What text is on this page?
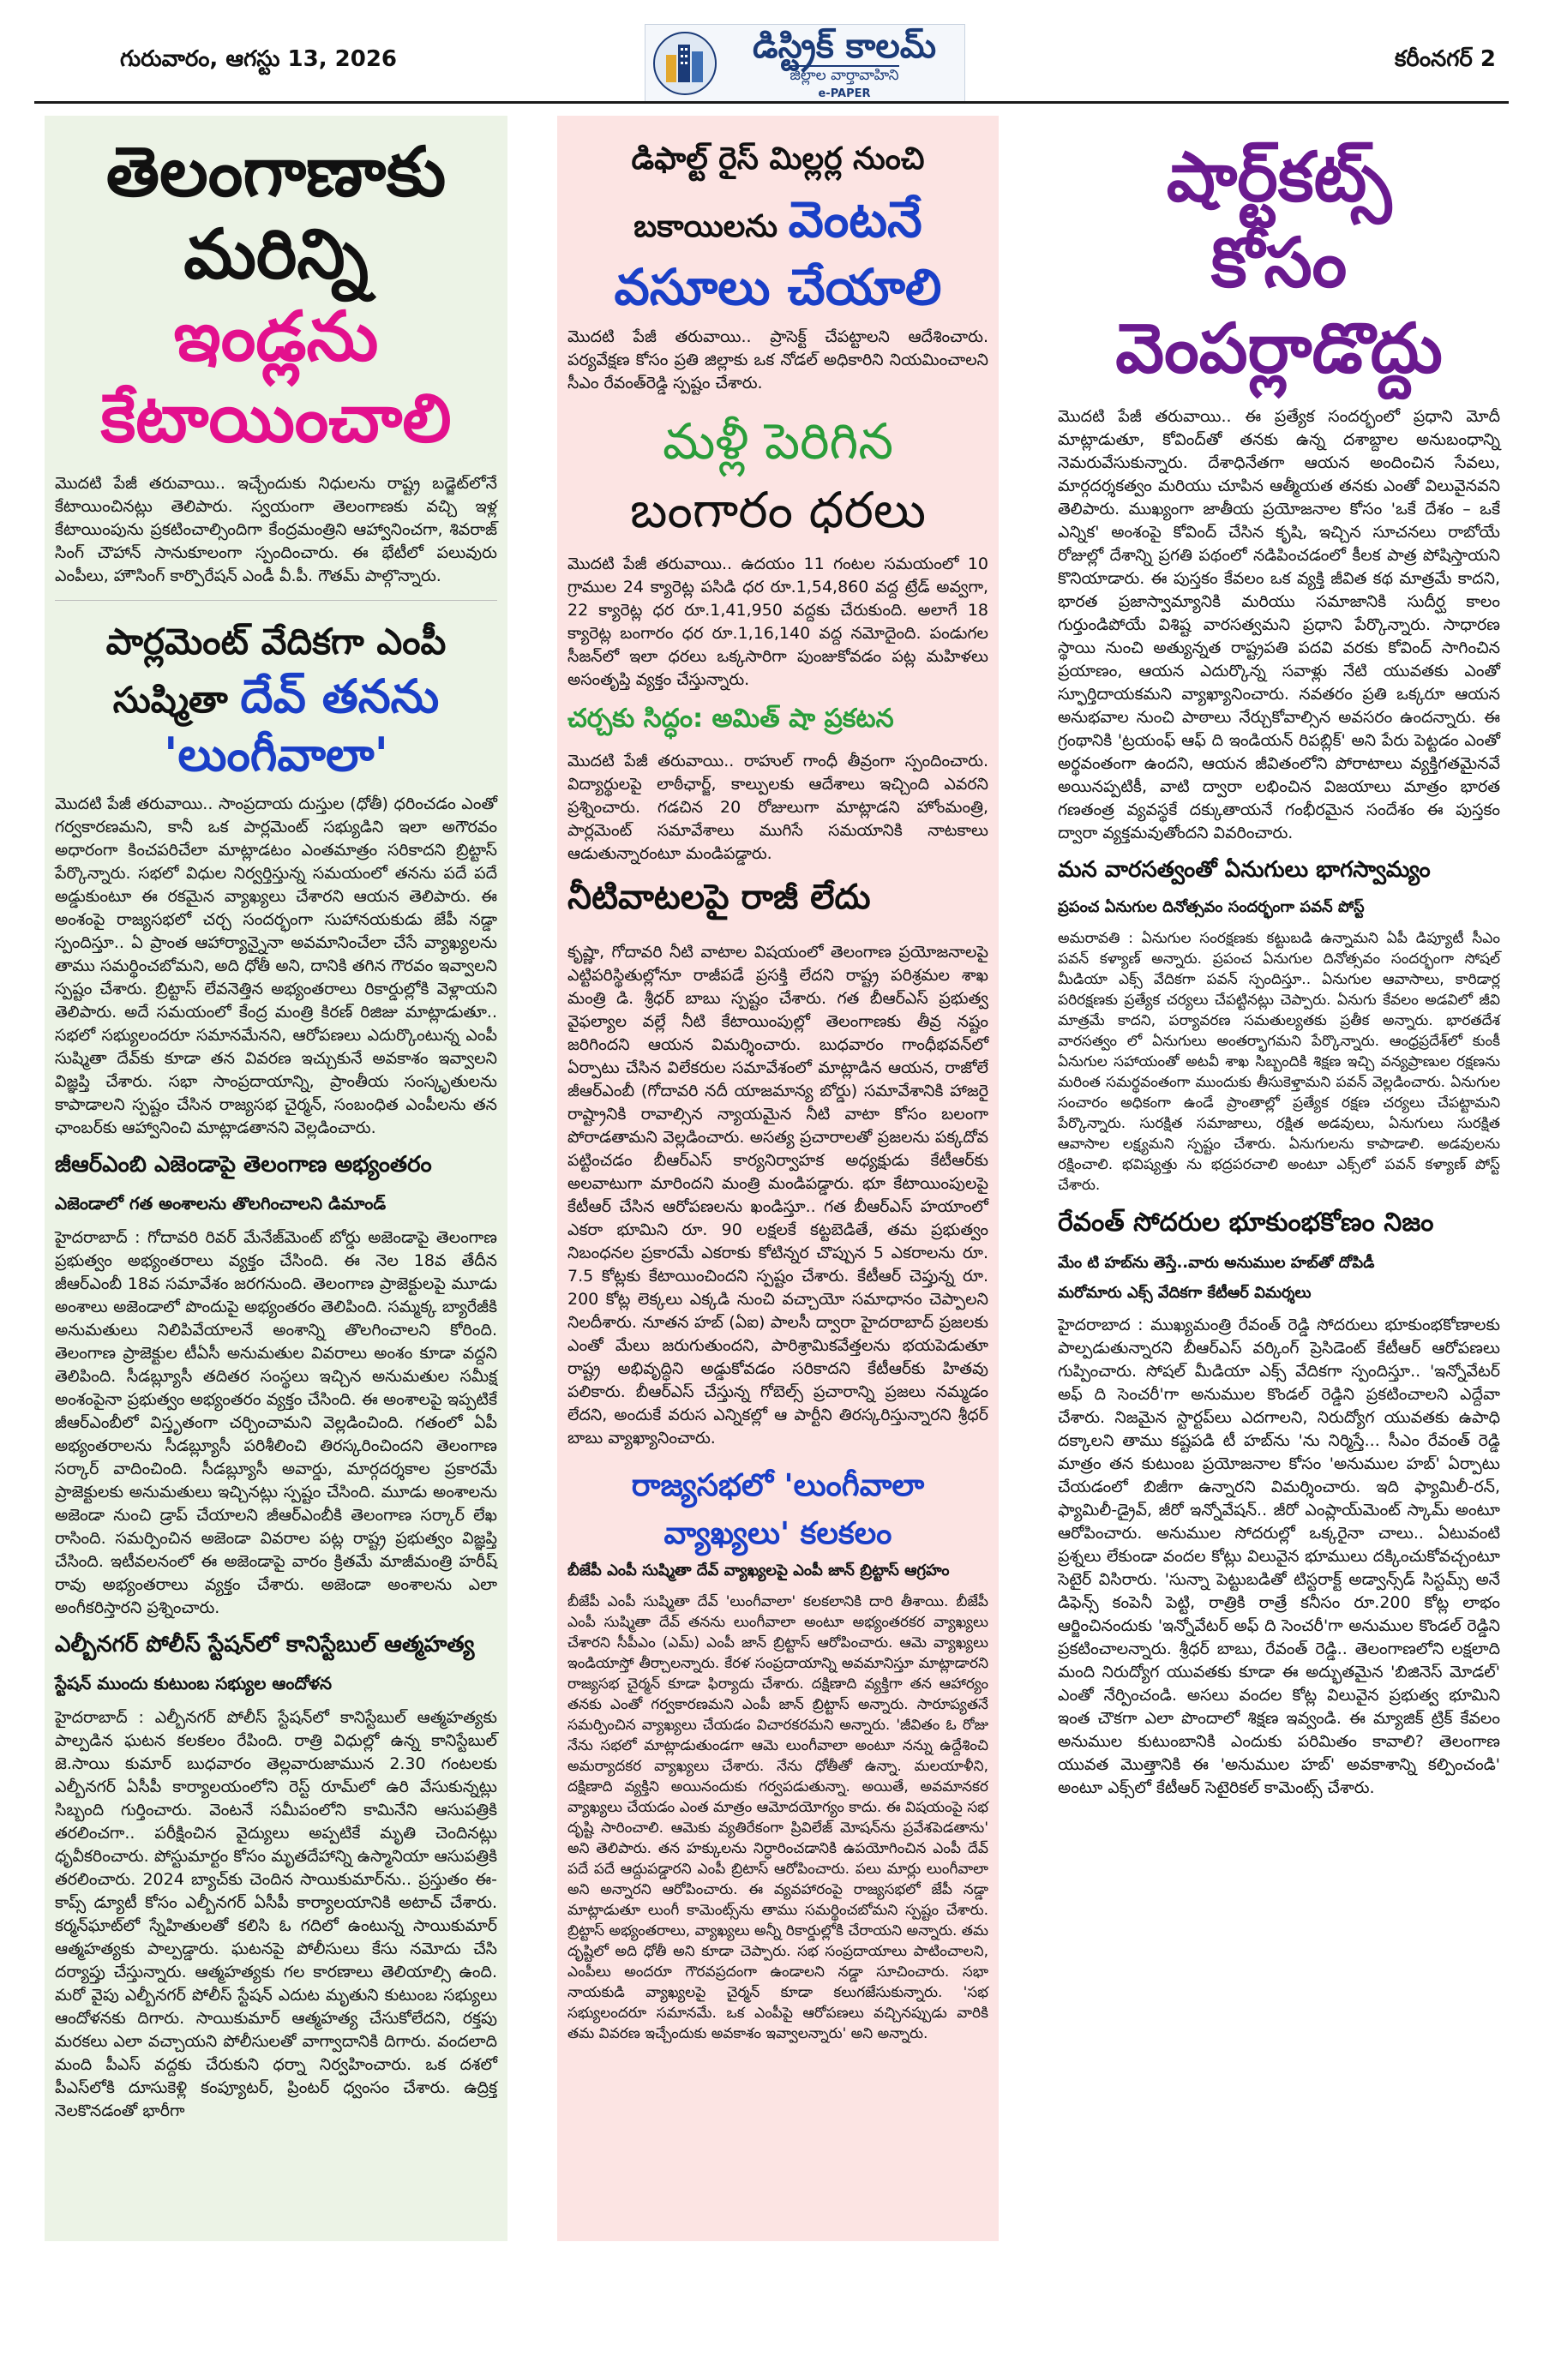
గురువారం, ఆగస్టు 13, 2026	డిస్ట్రిక్ కాలమ్
జిల్లాల వార్తావాహిని
e-PAPER
కరీంనగర్ 2
తెలంగాణాకు
మరిన్ని
ఇండ్లను
కేటాయించాలి

మొదటి పేజీ తరువాయి.. ఇచ్చేందుకు నిధులను రాష్ట్ర బడ్జెట్‌లోనే కేటాయించినట్లు తెలిపారు. స్వయంగా తెలంగాణకు వచ్చి ఇళ్ల కేటాయింపును ప్రకటించాల్సిందిగా కేంద్రమంత్రిని ఆహ్వానించగా, శివరాజ్ సింగ్ చౌహాన్ సానుకూలంగా స్పందించారు. ఈ భేటీలో పలువురు ఎంపీలు, హౌసింగ్ కార్పొరేషన్ ఎండీ వీ.పీ. గౌతమ్ పాల్గొన్నారు.

పార్లమెంట్ వేదికగా ఎంపీ
సుష్మితా దేవ్ తనను
'లుంగీవాలా'

మొదటి పేజీ తరువాయి.. సాంప్రదాయ దుస్తుల (ధోతీ) ధరించడం ఎంతో గర్వకారణమని, కానీ ఒక పార్లమెంట్ సభ్యుడిని ఇలా అగౌరవం అధారంగా కించపరిచేలా మాట్లాడటం ఎంతమాత్రం సరికాదని బ్రిట్టాస్ పేర్కొన్నారు. సభలో విధుల నిర్వర్తిస్తున్న సమయంలో తనను పదే పదే అడ్డుకుంటూ ఈ రకమైన వ్యాఖ్యలు చేశారని ఆయన తెలిపారు. ఈ అంశంపై రాజ్యసభలో చర్చ సందర్భంగా సుహానయకుడు జేపీ నడ్డా స్పందిస్తూ.. ఏ ప్రాంత ఆహార్యాన్నైనా అవమానించేలా చేసే వ్యాఖ్యలను తాము సమర్థించబోమని, అది ధోతీ అని, దానికి తగిన గౌరవం ఇవ్వాలని స్పష్టం చేశారు. బ్రిట్టాస్ లేవనెత్తిన అభ్యంతరాలు రికార్డుల్లోకి వెళ్లాయని తెలిపారు. అదే సమయంలో కేంద్ర మంత్రి కిరణ్ రిజిజు మాట్లాడుతూ.. సభలో సభ్యులందరూ సమానమేనని, ఆరోపణలు ఎదుర్కొంటున్న ఎంపీ సుష్మితా దేవ్‌కు కూడా తన వివరణ ఇచ్చుకునే అవకాశం ఇవ్వాలని విజ్ఞప్తి చేశారు. సభా సాంప్రదాయాన్ని, ప్రాంతీయ సంస్కృతులను కాపాడాలని స్పష్టం చేసిన రాజ్యసభ చైర్మన్, సంబంధిత ఎంపీలను తన ఛాంబర్‌కు ఆహ్వానించి మాట్లాడతానని వెల్లడించారు.

జీఆర్‌ఎంబి ఎజెండాపై తెలంగాణ అభ్యంతరం
ఎజెండాలో గత అంశాలను తొలగించాలని డిమాండ్

హైదరాబాద్ : గోదావరి రివర్ మేనేజ్‌మెంట్ బోర్డు అజెండాపై తెలంగాణ ప్రభుత్వం అభ్యంతరాలు వ్యక్తం చేసింది. ఈ నెల 18వ తేదీన జీఆర్ఎంబీ 18వ సమావేశం జరగనుంది. తెలంగాణ ప్రాజెక్టులపై మూడు అంశాలు అజెండాలో పొందుపై అభ్యంతరం తెలిపింది. సమ్మక్క బ్యారేజీకి అనుమతులు నిలిపివేయాలనే అంశాన్ని తొలగించాలని కోరింది. తెలంగాణ ప్రాజెక్టుల టీఏసీ అనుమతుల వివరాలు అంశం కూడా వద్దని తెలిపింది. సీడబ్ల్యూసీ తదితర సంస్థలు ఇచ్చిన అనుమతుల సమీక్ష అంశంపైనా ప్రభుత్వం అభ్యంతరం వ్యక్తం చేసింది. ఈ అంశాలపై ఇప్పటికే జీఆర్ఎంబీలో విస్తృతంగా చర్చించామని వెల్లడించింది. గతంలో ఏపీ అభ్యంతరాలను సీడబ్ల్యూసీ పరిశీలించి తిరస్కరించిందని తెలంగాణ సర్కార్ వాదించింది. సీడబ్ల్యూసీ అవార్డు, మార్గదర్శకాల ప్రకారమే ప్రాజెక్టులకు అనుమతులు ఇచ్చినట్లు స్పష్టం చేసింది. మూడు అంశాలను అజెండా నుంచి డ్రాప్ చేయాలని జీఆర్ఎంబీకి తెలంగాణ సర్కార్ లేఖ రాసింది. సమర్పించిన అజెండా వివరాల పట్ల రాష్ట్ర ప్రభుత్వం విజ్ఞప్తి చేసింది. ఇటీవలనంలో ఈ అజెండాపై వారం క్రితమే మాజీమంత్రి హరీష్ రావు అభ్యంతరాలు వ్యక్తం చేశారు. అజెండా అంశాలను ఎలా అంగీకరిస్తారని ప్రశ్నించారు.

ఎల్బీనగర్ పోలీస్ స్టేషన్‌లో కానిస్టేబుల్ ఆత్మహత్య
స్టేషన్ ముందు కుటుంబ సభ్యుల ఆందోళన

హైదరాబాద్ : ఎల్బీనగర్ పోలీస్ స్టేషన్‌లో కానిస్టేబుల్ ఆత్మహత్యకు పాల్పడిన ఘటన కలకలం రేపింది. రాత్రి విధుల్లో ఉన్న కానిస్టేబుల్ జె.సాయి కుమార్ బుధవారం తెల్లవారుజామున 2.30 గంటలకు ఎల్బీనగర్ ఏసీపీ కార్యాలయంలోని రెస్ట్ రూమ్‌లో ఉరి వేసుకున్నట్లు సిబ్బంది గుర్తించారు. వెంటనే సమీపంలోని కామినేని ఆసుపత్రికి తరలించగా.. పరీక్షించిన వైద్యులు అప్పటికే మృతి చెందినట్లు ధృవీకరించారు. పోస్టుమార్టం కోసం మృతదేహాన్ని ఉస్మానియా ఆసుపత్రికి తరలించారు. 2024 బ్యాచ్‌కు చెందిన సాయికుమార్‌ను.. ప్రస్తుతం ఈ-కాప్స్ డ్యూటీ కోసం ఎల్బీనగర్ ఏసీపీ కార్యాలయానికి అటాచ్ చేశారు. కర్మన్‌ఘాట్‌లో స్నేహితులతో కలిసి ఓ గదిలో ఉంటున్న సాయికుమార్ ఆత్మహత్యకు పాల్పడ్డారు. ఘటనపై పోలీసులు కేసు నమోదు చేసి దర్యాప్తు చేస్తున్నారు. ఆత్మహత్యకు గల కారణాలు తెలియాల్సి ఉంది. మరో వైపు ఎల్బీనగర్ పోలీస్ స్టేషన్ ఎదుట మృతుని కుటుంబ సభ్యులు ఆందోళనకు దిగారు. సాయికుమార్ ఆత్మహత్య చేసుకోలేదని, రక్తపు మరకలు ఎలా వచ్చాయని పోలీసులతో వాగ్వాదానికి దిగారు. వందలాది మంది పీఎస్ వద్దకు చేరుకుని ధర్నా నిర్వహించారు. ఒక దశలో పీఎస్‌లోకి దూసుకెళ్లి కంప్యూటర్, ప్రింటర్ ధ్వంసం చేశారు. ఉద్రిక్త నెలకొనడంతో భారీగా

డిఫాల్ట్ రైస్ మిల్లర్ల నుంచి
బకాయిలను వెంటనే
వసూలు చేయాలి

మొదటి పేజీ తరువాయి.. ప్రాసెక్ట్ చేపట్టాలని ఆదేశించారు. పర్యవేక్షణ కోసం ప్రతి జిల్లాకు ఒక నోడల్ అధికారిని నియమించాలని సీఎం రేవంత్‌రెడ్డి స్పష్టం చేశారు.

మళ్లీ పెరిగిన
బంగారం ధరలు

మొదటి పేజీ తరువాయి.. ఉదయం 11 గంటల సమయంలో 10 గ్రాముల 24 క్యారెట్ల పసిడి ధర రూ.1,54,860 వద్ద ట్రేడ్ అవ్వగా, 22 క్యారెట్ల ధర రూ.1,41,950 వద్దకు చేరుకుంది. అలాగే 18 క్యారెట్ల బంగారం ధర రూ.1,16,140 వద్ద నమోదైంది. పండుగల సీజన్‌లో ఇలా ధరలు ఒక్కసారిగా పుంజుకోవడం పట్ల మహిళలు అసంతృప్తి వ్యక్తం చేస్తున్నారు.

చర్చకు సిద్ధం: అమిత్ షా ప్రకటన

మొదటి పేజీ తరువాయి.. రాహుల్ గాంధీ తీవ్రంగా స్పందించారు. విద్యార్థులపై లాఠీఛార్జ్, కాల్పులకు ఆదేశాలు ఇచ్చింది ఎవరని ప్రశ్నించారు. గడచిన 20 రోజులుగా మాట్లాడని హోంమంత్రి, పార్లమెంట్ సమావేశాలు ముగిసే సమయానికి నాటకాలు ఆడుతున్నారంటూ మండిపడ్డారు.

నీటివాటలపై రాజీ లేదు

కృష్ణా, గోదావరి నీటి వాటాల విషయంలో తెలంగాణ ప్రయోజనాలపై ఎట్టిపరిస్థితుల్లోనూ రాజీపడే ప్రసక్తి లేదని రాష్ట్ర పరిశ్రమల శాఖ మంత్రి డి. శ్రీధర్ బాబు స్పష్టం చేశారు. గత బీఆర్ఎస్ ప్రభుత్వ వైఫల్యాల వల్లే నీటి కేటాయింపుల్లో తెలంగాణకు తీవ్ర నష్టం జరిగిందని ఆయన విమర్శించారు. బుధవారం గాంధీభవన్‌లో ఏర్పాటు చేసిన విలేకరుల సమావేశంలో మాట్లాడిన ఆయన, రాజోలే జీఆర్ఎంబీ (గోదావరి నదీ యాజమాన్య బోర్డు) సమావేశానికి హాజరై రాష్ట్రానికి రావాల్సిన న్యాయమైన నీటి వాటా కోసం బలంగా పోరాడతామని వెల్లడించారు. అసత్య ప్రచారాలతో ప్రజలను పక్కదోవ పట్టించడం బీఆర్ఎస్ కార్యనిర్వాహక అధ్యక్షుడు కేటీఆర్‌కు అలవాటుగా మారిందని మంత్రి మండిపడ్డారు. భూ కేటాయింపులపై కేటీఆర్ చేసిన ఆరోపణలను ఖండిస్తూ.. గత బీఆర్ఎస్ హయాంలో ఎకరా భూమిని రూ. 90 లక్షలకే కట్టబెడితే, తమ ప్రభుత్వం నిబంధనల ప్రకారమే ఎకరాకు కోటిన్నర చొప్పున 5 ఎకరాలను రూ. 7.5 కోట్లకు కేటాయించిందని స్పష్టం చేశారు. కేటీఆర్ చెప్తున్న రూ. 200 కోట్ల లెక్కలు ఎక్కడి నుంచి వచ్చాయో సమాధానం చెప్పాలని నిలదీశారు. నూతన హబ్ (ఏఐ) పాలసీ ద్వారా హైదరాబాద్ ప్రజలకు ఎంతో మేలు జరుగుతుందని, పారిశ్రామికవేత్తలను భయపెడుతూ రాష్ట్ర అభివృద్ధిని అడ్డుకోవడం సరికాదని కేటీఆర్‌కు హితవు పలికారు. బీఆర్ఎస్ చేస్తున్న గోబెల్స్ ప్రచారాన్ని ప్రజలు నమ్మడం లేదని, అందుకే వరుస ఎన్నికల్లో ఆ పార్టీని తిరస్కరిస్తున్నారని శ్రీధర్ బాబు వ్యాఖ్యానించారు.

రాజ్యసభలో 'లుంగీవాలా
వ్యాఖ్యలు' కలకలం
బీజేపీ ఎంపీ సుష్మితా దేవ్ వ్యాఖ్యలపై ఎంపీ జాన్ బ్రిట్టాస్ ఆగ్రహం

బీజేపీ ఎంపీ సుష్మితా దేవ్ 'లుంగీవాలా' కలకలానికి దారి తీశాయి. బీజేపీ ఎంపీ సుష్మితా దేవ్ తనను లుంగీవాలా అంటూ అభ్యంతరకర వ్యాఖ్యలు చేశారని సీపీఎం (ఎమ్) ఎంపీ జాన్ బ్రిట్టాస్ ఆరోపించారు. ఆమె వ్యాఖ్యలు ఇండియాస్తో తీర్చాలన్నారు. కేరళ సంప్రదాయాన్ని అవమానిస్తూ మాట్లాడారని రాజ్యసభ చైర్మన్ కూడా ఫిర్యాదు చేశారు. దక్షిణాది వ్యక్తిగా తన ఆహార్యం తనకు ఎంతో గర్వకారణమని ఎంపీ జాన్ బ్రిట్టాస్ అన్నారు. సారూప్యతనే సమర్పించిన వ్యాఖ్యలు చేయడం విచారకరమని అన్నారు. 'జీవితం ఓ రోజు నేను సభలో మాట్లాడుతుండగా ఆమె లుంగీవాలా అంటూ నన్ను ఉద్దేశించి అమర్యాదకర వ్యాఖ్యలు చేశారు. నేను ధోతీతో ఉన్నా. మలయాళీని, దక్షిణాది వ్యక్తిని అయినందుకు గర్వపడుతున్నా. అయితే, అవమానకర వ్యాఖ్యలు చేయడం ఎంత మాత్రం ఆమోదయోగ్యం కాదు. ఈ విషయంపై సభ దృష్టి సారించాలి. ఆమెకు వ్యతిరేకంగా ప్రివిలేజ్ మోషన్‌ను ప్రవేశపెడతాను' అని తెలిపారు. తన హక్కులను నిర్ధారించడానికి ఉపయోగించిన ఎంపీ దేవ్ పదే పదే ఆద్దుపడ్డారని ఎంపీ బ్రిటాస్ ఆరోపించారు. పలు మార్లు లుంగీవాలా అని అన్నారని ఆరోపించారు. ఈ వ్యవహారంపై రాజ్యసభలో జేపీ నడ్డా మాట్లాడుతూ లుంగీ కామెంట్స్‌ను తాము సమర్థించబోమని స్పష్టం చేశారు. బ్రిట్టాస్ అభ్యంతరాలు, వ్యాఖ్యలు అన్నీ రికార్డుల్లోకి చేరాయని అన్నారు. తమ దృష్టిలో అది ధోతీ అని కూడా చెప్పారు. సభ సంప్రదాయాలు పాటించాలని, ఎంపీలు అందరూ గౌరవప్రదంగా ఉండాలని నడ్డా సూచించారు. సభా నాయకుడి వ్యాఖ్యలపై చైర్మన్ కూడా కలుగజేసుకున్నారు. 'సభ సభ్యులందరూ సమానమే. ఒక ఎంపీపై ఆరోపణలు వచ్చినప్పుడు వారికి తమ వివరణ ఇచ్చేందుకు అవకాశం ఇవ్వాలన్నారు' అని అన్నారు.

షార్ట్‌కట్స్
కోసం
వెంపర్లాడొద్దు

మొదటి పేజీ తరువాయి.. ఈ ప్రత్యేక సందర్భంలో ప్రధాని మోదీ మాట్లాడుతూ, కోవింద్‌తో తనకు ఉన్న దశాబ్దాల అనుబంధాన్ని నెమరువేసుకున్నారు. దేశాధినేతగా ఆయన అందించిన సేవలు, మార్గదర్శకత్వం మరియు చూపిన ఆత్మీయత తనకు ఎంతో విలువైనవని తెలిపారు. ముఖ్యంగా జాతీయ ప్రయోజనాల కోసం 'ఒకే దేశం – ఒకే ఎన్నిక' అంశంపై కోవింద్ చేసిన కృషి, ఇచ్చిన సూచనలు రాబోయే రోజుల్లో దేశాన్ని ప్రగతి పథంలో నడిపించడంలో కీలక పాత్ర పోషిస్తాయని కొనియాడారు. ఈ పుస్తకం కేవలం ఒక వ్యక్తి జీవిత కథ మాత్రమే కాదని, భారత ప్రజాస్వామ్యానికి మరియు సమాజానికి సుదీర్ఘ కాలం గుర్తుండిపోయే విశిష్ట వారసత్వమని ప్రధాని పేర్కొన్నారు. సాధారణ స్థాయి నుంచి అత్యున్నత రాష్ట్రపతి పదవి వరకు కోవింద్ సాగించిన ప్రయాణం, ఆయన ఎదుర్కొన్న సవాళ్లు నేటి యువతకు ఎంతో స్ఫూర్తిదాయకమని వ్యాఖ్యానించారు. నవతరం ప్రతి ఒక్కరూ ఆయన అనుభవాల నుంచి పాఠాలు నేర్చుకోవాల్సిన అవసరం ఉందన్నారు. ఈ గ్రంథానికి 'ట్రయంఫ్ ఆఫ్ ది ఇండియన్ రిపబ్లిక్' అని పేరు పెట్టడం ఎంతో అర్థవంతంగా ఉందని, ఆయన జీవితంలోని పోరాటాలు వ్యక్తిగతమైనవే అయినప్పటికీ, వాటి ద్వారా లభించిన విజయాలు మాత్రం భారత గణతంత్ర వ్యవస్థకే దక్కుతాయనే గంభీరమైన సందేశం ఈ పుస్తకం ద్వారా వ్యక్తమవుతోందని వివరించారు.

మన వారసత్వంతో ఏనుగులు భాగస్వామ్యం
ప్రపంచ ఏనుగుల దినోత్సవం సందర్భంగా పవన్ పోస్ట్

అమరావతి : ఏనుగుల సంరక్షణకు కట్టుబడి ఉన్నామని ఏపీ డిప్యూటీ సీఎం పవన్ కళ్యాణ్ అన్నారు. ప్రపంచ ఏనుగుల దినోత్సవం సందర్భంగా సోషల్ మీడియా ఎక్స్ వేదికగా పవన్ స్పందిస్తూ.. ఏనుగుల ఆవాసాలు, కారిడార్ల పరిరక్షణకు ప్రత్యేక చర్యలు చేపట్టినట్లు చెప్పారు. ఏనుగు కేవలం అడవిలో జీవి మాత్రమే కాదని, పర్యావరణ సమతుల్యతకు ప్రతీక అన్నారు. భారతదేశ వారసత్వం లో ఏనుగులు అంతర్భాగమని పేర్కొన్నారు. ఆంధ్రప్రదేశ్‌లో కుంకీ ఏనుగుల సహాయంతో అటవీ శాఖ సిబ్బందికి శిక్షణ ఇచ్చి వన్యప్రాణుల రక్షణను మరింత సమర్థవంతంగా ముందుకు తీసుకెళ్తామని పవన్ వెల్లడించారు. ఏనుగుల సంచారం అధికంగా ఉండే ప్రాంతాల్లో ప్రత్యేక రక్షణ చర్యలు చేపట్టామని పేర్కొన్నారు. సురక్షిత సమాజాలు, రక్షిత అడవులు, ఏనుగులు సురక్షిత ఆవాసాల లక్ష్యమని స్పష్టం చేశారు. ఏనుగులను కాపాడాలి. అడవులను రక్షించాలి. భవిష్యత్తు ను భద్రపరచాలి అంటూ ఎక్స్‌లో పవన్ కళ్యాణ్ పోస్ట్ చేశారు.

రేవంత్ సోదరుల భూకుంభకోణం నిజం
మేం టి హబ్‌ను తెస్తే..వారు అనుముల హబ్‌తో దోపిడీ
మరోమారు ఎక్స్ వేదికగా కేటీఆర్ విమర్శలు

హైదరాబాద : ముఖ్యమంత్రి రేవంత్ రెడ్డి సోదరులు భూకుంభకోణాలకు పాల్పడుతున్నారని బీఆర్ఎస్ వర్కింగ్ ప్రెసిడెంట్ కేటీఆర్ ఆరోపణలు గుప్పించారు. సోషల్ మీడియా ఎక్స్ వేదికగా స్పందిస్తూ.. 'ఇన్నోవేటర్ అఫ్ ది సెంచరీ'గా అనుముల కొండల్ రెడ్డిని ప్రకటించాలని ఎద్దేవా చేశారు. నిజమైన స్టార్టప్‌లు ఎదగాలని, నిరుద్యోగ యువతకు ఉపాధి దక్కాలని తాము కష్టపడి టీ హబ్‌ను 'ను నిర్మిస్తే... సీఎం రేవంత్ రెడ్డి మాత్రం తన కుటుంబ ప్రయోజనాల కోసం 'అనుముల హబ్' ఏర్పాటు చేయడంలో బిజీగా ఉన్నారని విమర్శించారు. ఇది ఫ్యామిలీ-రన్, ఫ్యామిలీ-డ్రైవ్, జీరో ఇన్నోవేషన్.. జీరో ఎంప్లాయ్‌మెంట్ స్కామ్ అంటూ ఆరోపించారు. అనుముల సోదరుల్లో ఒక్కరైనా చాలు.. ఏటువంటి ప్రశ్నలు లేకుండా వందల కోట్లు విలువైన భూములు దక్కించుకోవచ్చంటూ సెటైర్ విసిరారు. 'సున్నా పెట్టుబడితో టిస్టరాక్ట్ అడ్వాన్స్‌డ్ సిస్టమ్స్ అనే డిఫెన్స్ కంపెనీ పెట్టి, రాత్రికి రాత్రే కనీసం రూ.200 కోట్ల లాభం ఆర్జించినందుకు 'ఇన్నోవేటర్ అఫ్ ది సెంచరీ'గా అనుముల కొండల్ రెడ్డిని ప్రకటించాలన్నారు. శ్రీధర్ బాబు, రేవంత్ రెడ్డి.. తెలంగాణలోని లక్షలాది మంది నిరుద్యోగ యువతకు కూడా ఈ అద్భుతమైన 'బిజినెస్ మోడల్' ఎంతో నేర్పించండి. అసలు వందల కోట్ల విలువైన ప్రభుత్వ భూమిని ఇంత చౌకగా ఎలా పొందాలో శిక్షణ ఇవ్వండి. ఈ మ్యాజిక్ ట్రిక్ కేవలం అనుముల కుటుంబానికి ఎందుకు పరిమితం కావాలి? తెలంగాణ యువత మొత్తానికి ఈ 'అనుముల హబ్' అవకాశాన్ని కల్పించండి' అంటూ ఎక్స్‌లో కేటీఆర్ సెటైరికల్ కామెంట్స్ చేశారు.
